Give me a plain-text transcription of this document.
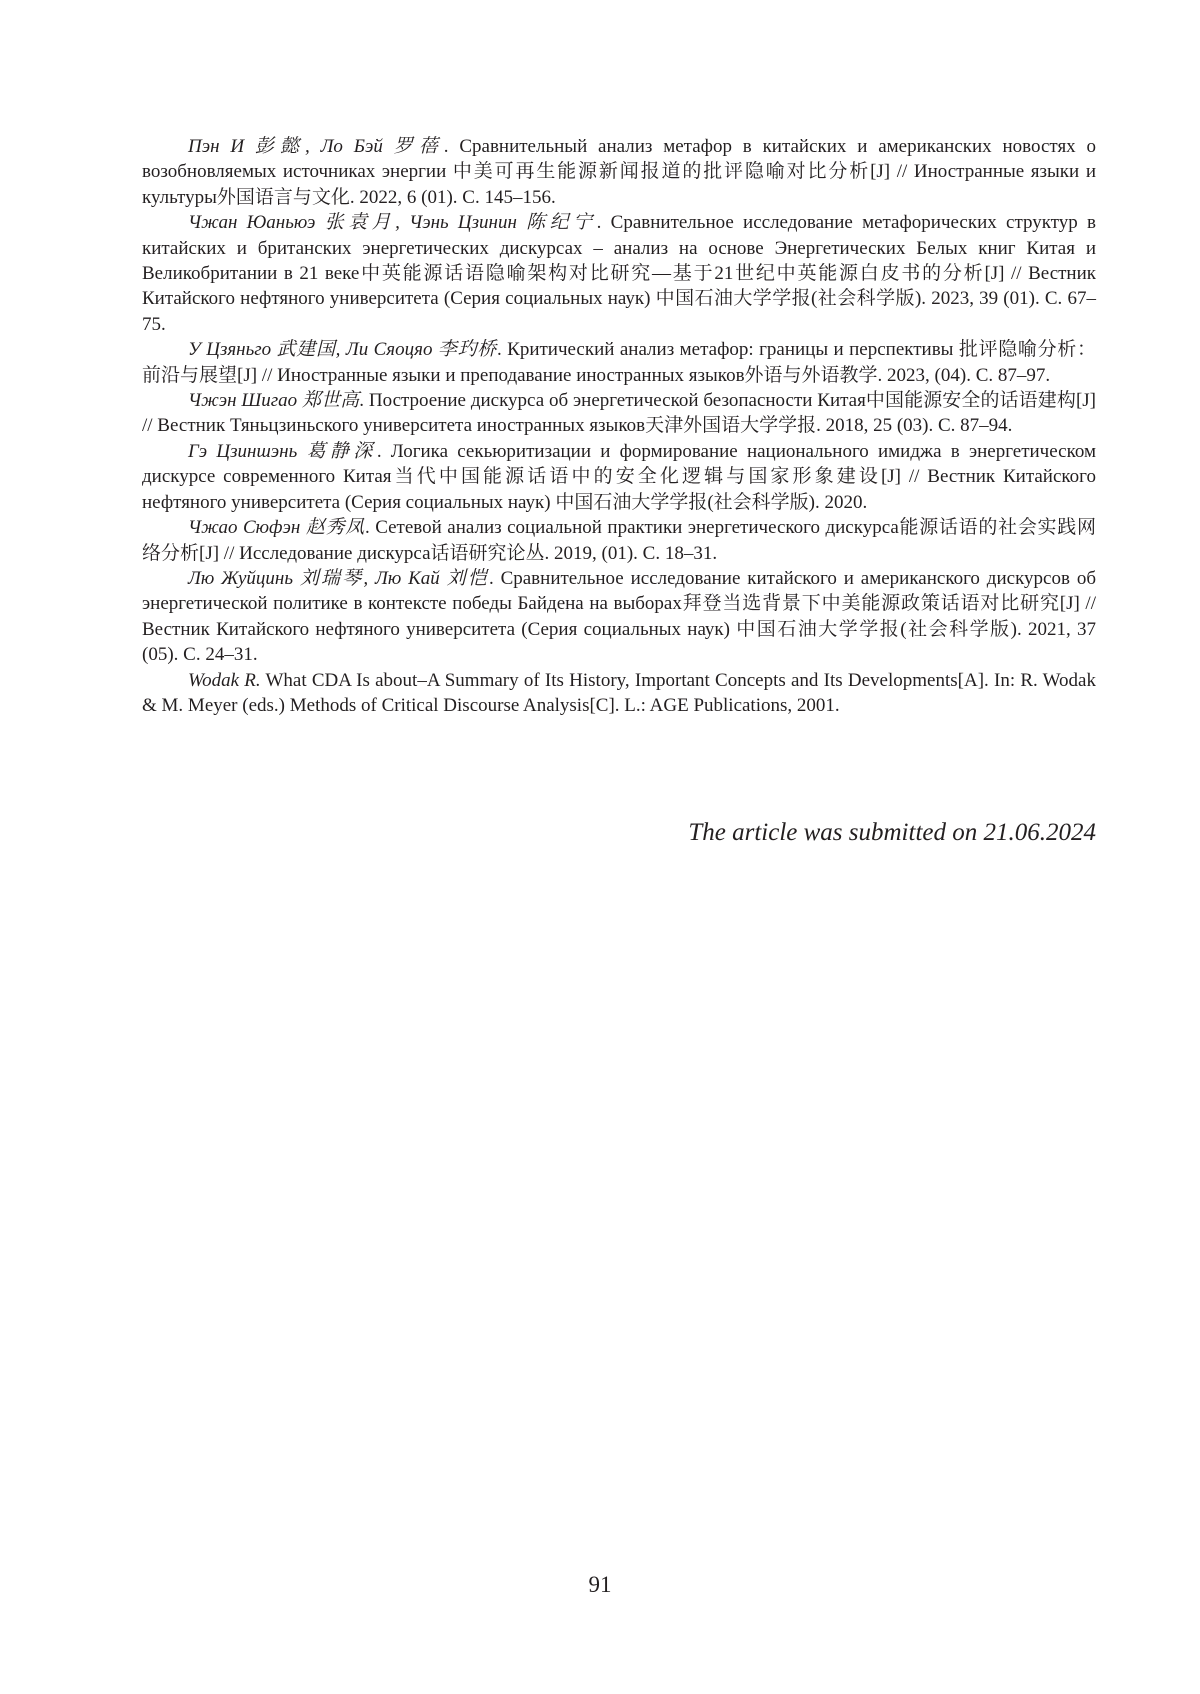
Пэн И 彭懿, Ло Бэй 罗蓓. Сравнительный анализ метафор в китайских и американских новостях о возобновляемых источниках энергии 中美可再生能源新闻报道的批评隐喻对比分析[J] // Иностранные языки и культуры外国语言与文化. 2022, 6 (01). C. 145–156.

Чжан Юаньюэ 张袁月, Чэнь Цзинин 陈纪宁. Сравнительное исследование метафорических структур в китайских и британских энергетических дискурсах – анализ на основе Энергетических Белых книг Китая и Великобритании в 21 веке中英能源话语隐喻架构对比研究—基于21世纪中英能源白皮书的分析[J] // Вестник Китайского нефтяного университета (Серия социальных наук) 中国石油大学学报(社会科学版). 2023, 39 (01). C. 67–75.

У Цзяньго 武建国, Ли Сяоцяо 李玓桥. Критический анализ метафор: границы и перспективы 批评隐喻分析：前沿与展望[J] // Иностранные языки и преподавание иностранных языков外语与外语教学. 2023, (04). C. 87–97.

Чжэн Шигао 郑世高. Построение дискурса об энергетической безопасности Китая中国能源安全的话语建构[J] // Вестник Тяньцзиньского университета иностранных языков天津外国语大学学报. 2018, 25 (03). C. 87–94.

Гэ Цзиншэнь 葛静深. Логика секьюритизации и формирование национального имиджа в энергетическом дискурсе современного Китая当代中国能源话语中的安全化逻辑与国家形象建设[J] // Вестник Китайского нефтяного университета (Серия социальных наук) 中国石油大学学报(社会科学版). 2020.

Чжао Сюфэн 赵秀凤. Сетевой анализ социальной практики энергетического дискурса能源话语的社会实践网络分析[J] // Исследование дискурса话语研究论丛. 2019, (01). C. 18–31.

Лю Жуйцинь 刘瑞琴, Лю Кай 刘恺. Сравнительное исследование китайского и американского дискурсов об энергетической политике в контексте победы Байдена на выборах拜登当选背景下中美能源政策话语对比研究[J] // Вестник Китайского нефтяного университета (Серия социальных наук) 中国石油大学学报(社会科学版). 2021, 37 (05). C. 24–31.

Wodak R. What CDA Is about–A Summary of Its History, Important Concepts and Its Developments[A]. In: R. Wodak & M. Meyer (eds.) Methods of Critical Discourse Analysis[C]. L.: AGE Publications, 2001.

The article was submitted on 21.06.2024
91
